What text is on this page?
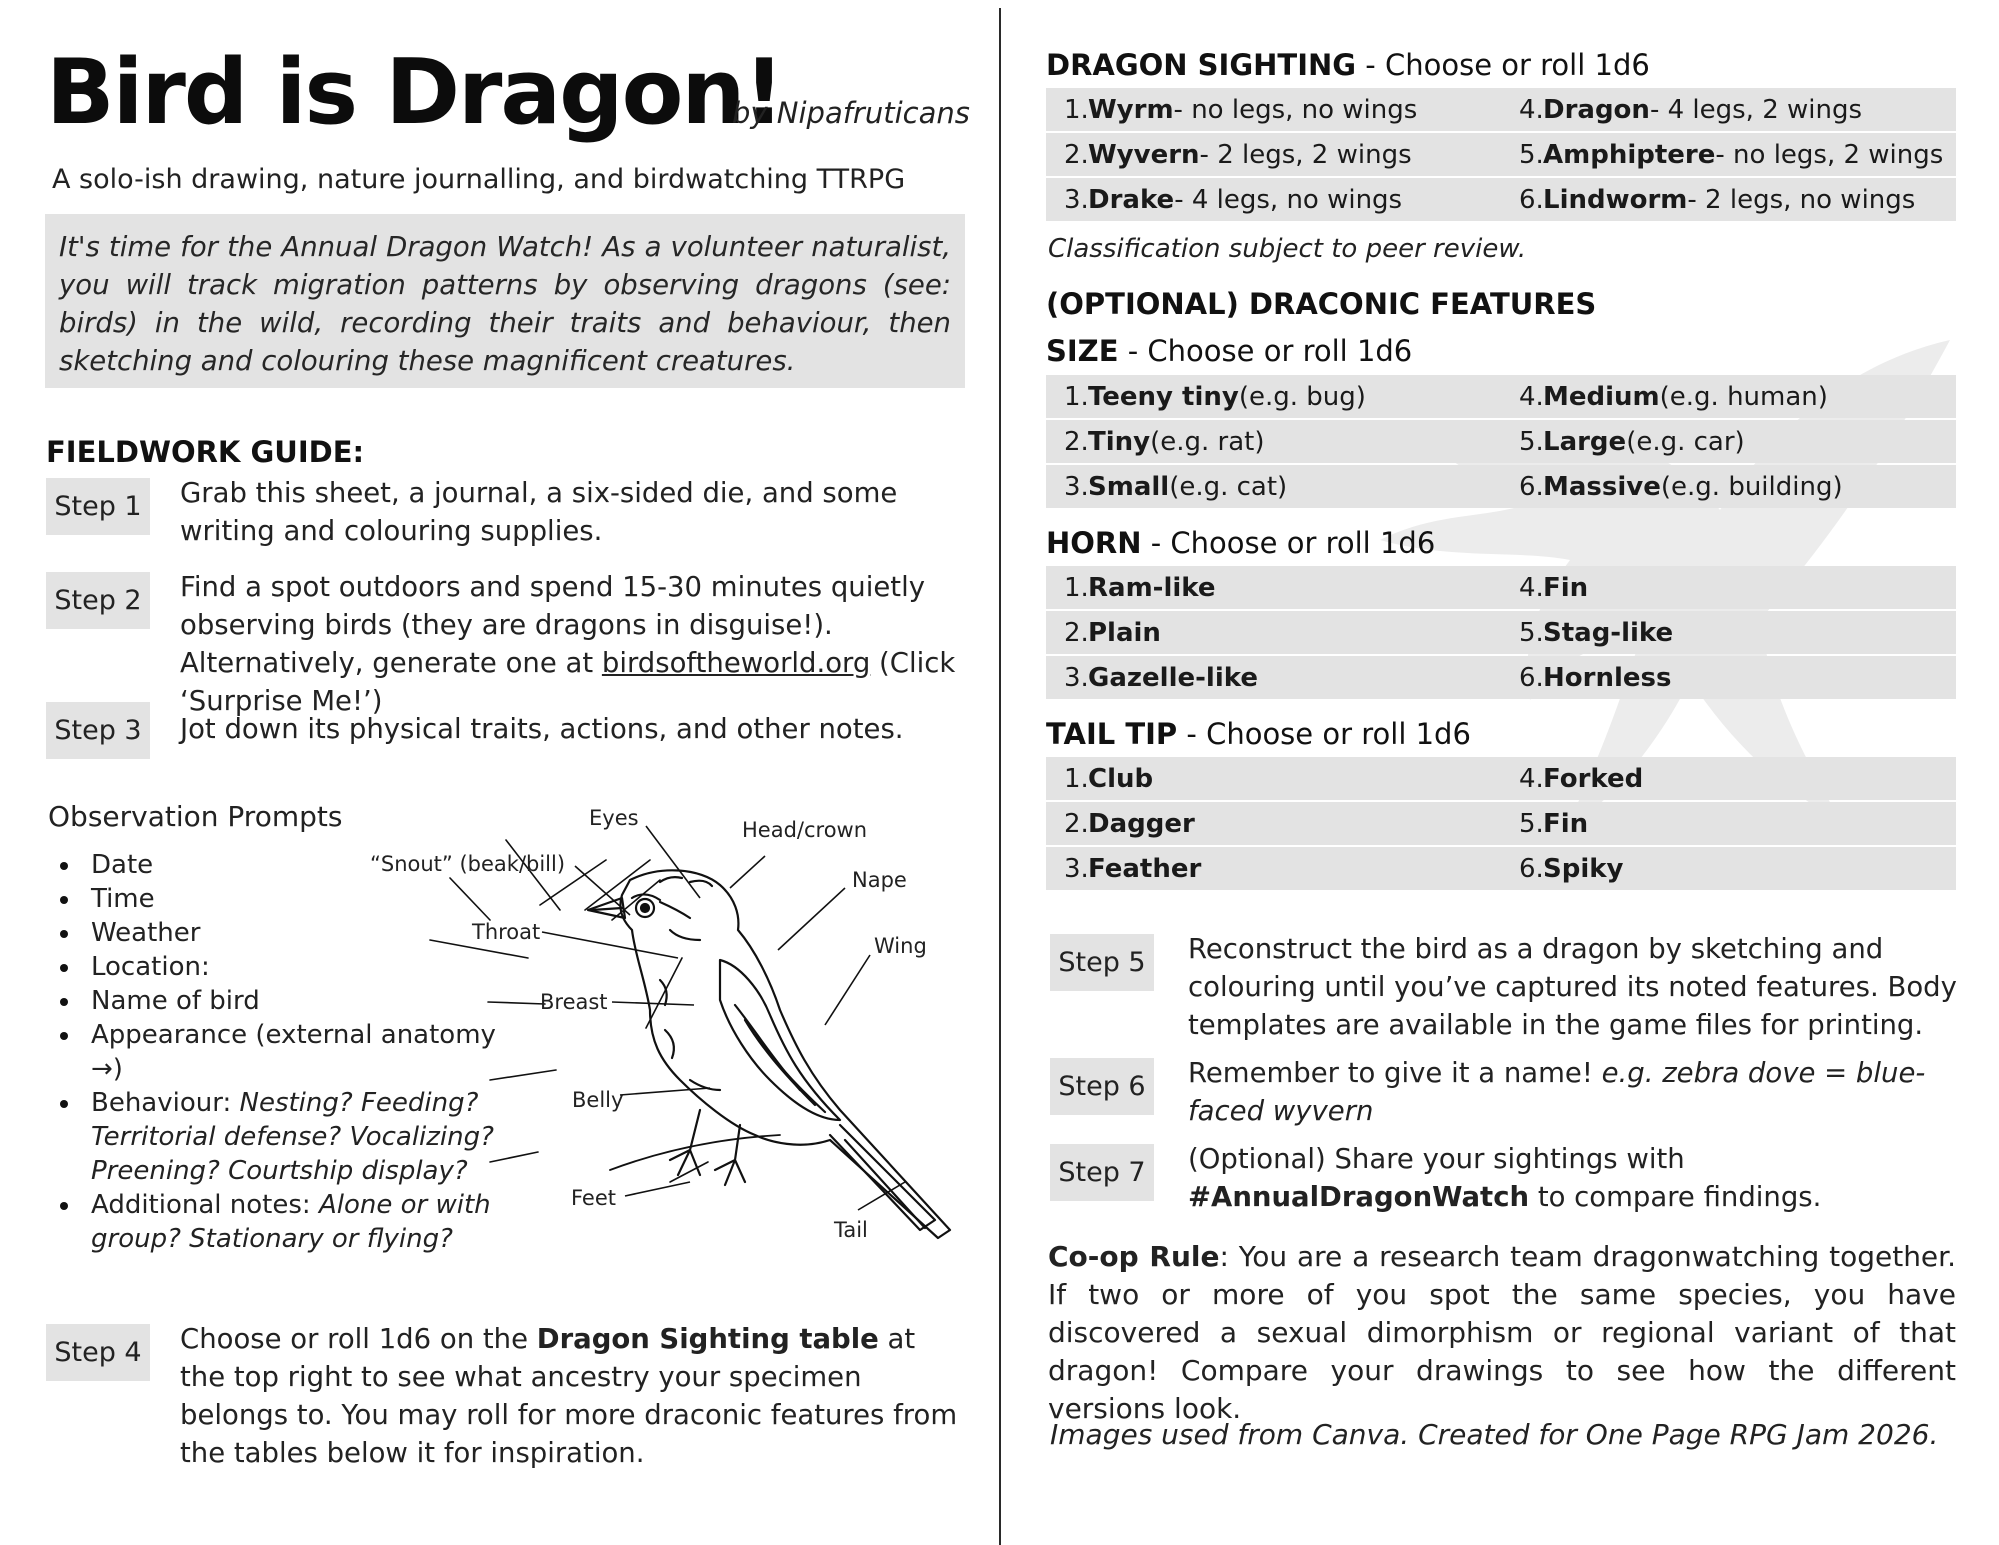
Bird is Dragon!
by Nipafruticans
A solo-ish drawing, nature journalling, and birdwatching TTRPG
It's time for the Annual Dragon Watch! As a volunteer naturalist, you will track migration patterns by observing dragons (see: birds) in the wild, recording their traits and behaviour, then sketching and colouring these magnificent creatures.
FIELDWORK GUIDE:
Step 1	Grab this sheet, a journal, a six-sided die, and some writing and colouring supplies.
Step 2	Find a spot outdoors and spend 15-30 minutes quietly observing birds (they are dragons in disguise!). Alternatively, generate one at birdsoftheworld.org (Click ‘Surprise Me!’)
Step 3	Jot down its physical traits, actions, and other notes.
Observation Prompts
Date
Time
Weather
Location:
Name of bird
Appearance (external anatomy →)
Behaviour: Nesting? Feeding? Territorial defense? Vocalizing? Preening? Courtship display?
Additional notes: Alone or with group? Stationary or flying?
Eyes	Head/crown
“Snout” (beak/bill)
Nape
Throat
Wing
Breast
Belly
Feet
Tail
Step 4	Choose or roll 1d6 on the Dragon Sighting table at the top right to see what ancestry your specimen belongs to. You may roll for more draconic features from the tables below it for inspiration.
DRAGON SIGHTING - Choose or roll 1d6
1. Wyrm - no legs, no wings	4. Dragon - 4 legs, 2 wings
2. Wyvern - 2 legs, 2 wings	5. Amphiptere - no legs, 2 wings
3. Drake - 4 legs, no wings	6. Lindworm - 2 legs, no wings
Classification subject to peer review.
(OPTIONAL) DRACONIC FEATURES
SIZE - Choose or roll 1d6
1. Teeny tiny (e.g. bug)	4. Medium (e.g. human)
2. Tiny (e.g. rat)	5. Large (e.g. car)
3. Small (e.g. cat)	6. Massive (e.g. building)
HORN - Choose or roll 1d6
1. Ram-like	4. Fin
2. Plain	5. Stag-like
3. Gazelle-like	6. Hornless
TAIL TIP - Choose or roll 1d6
1. Club	4. Forked
2. Dagger	5. Fin
3. Feather	6. Spiky
Step 5	Reconstruct the bird as a dragon by sketching and colouring until you’ve captured its noted features. Body templates are available in the game files for printing.
Step 6	Remember to give it a name! e.g. zebra dove = blue-faced wyvern
Step 7	(Optional) Share your sightings with #AnnualDragonWatch to compare findings.
Co-op Rule: You are a research team dragonwatching together. If two or more of you spot the same species, you have discovered a sexual dimorphism or regional variant of that dragon! Compare your drawings to see how the different versions look.
Images used from Canva. Created for One Page RPG Jam 2026.
